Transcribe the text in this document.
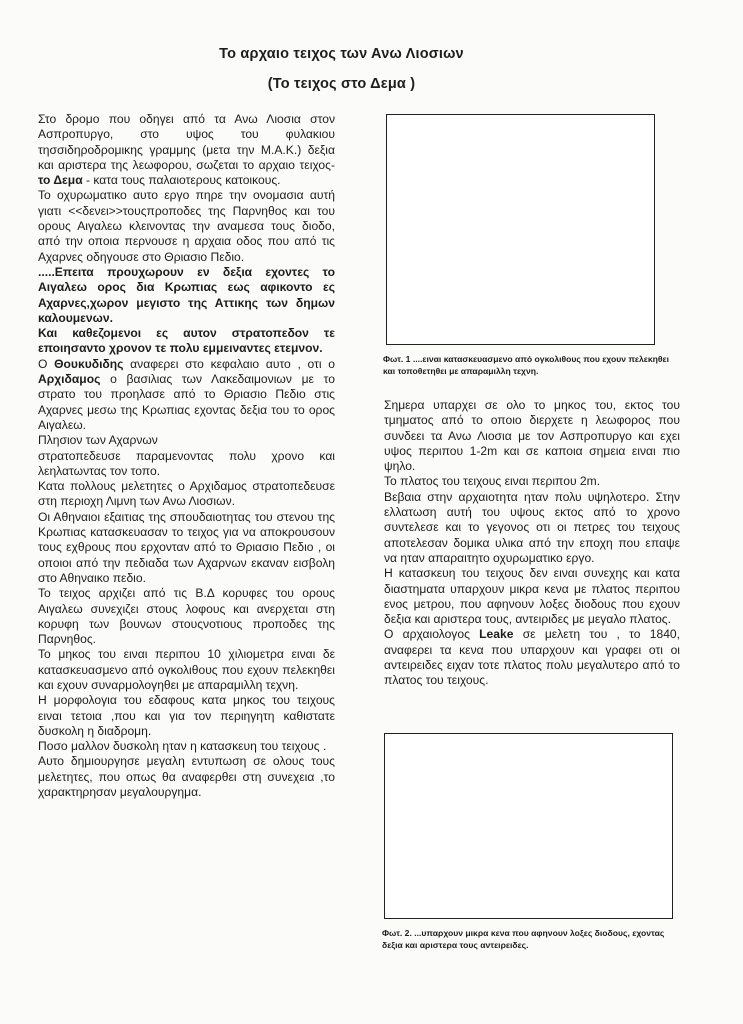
Το αρχαιο τειχος των Ανω Λιοσιων
(Το τειχος στο Δεμα )

Στο δρομο που οδηγει από τα Ανω Λιοσια στον Ασπροπυργο, στο υψος του φυλακιου τησσιδηροδρομικης γραμμης (μετα την Μ.Α.Κ.) δεξια και αριστερα της λεωφορου, σωζεται το αρχαιο τειχος- το Δεμα - κατα τους παλαιοτερους κατοικους.

Το οχυρωματικο αυτο εργο πηρε την ονομασια αυτή γιατι <<δενει>>τουςπροποδες της Παρνηθος και του ορους Αιγαλεω κλεινοντας την αναμεσα τους διοδο, από την οποια περνουσε η αρχαια οδος που από τις Αχαρνες οδηγουσε στο Θριασιο Πεδιο.

.....Επειτα προυχωρουν εν δεξια εχοντες το Αιγαλεω ορος δια Κρωπιας εως αφικοντο ες Αχαρνες,χωρον μεγιστο της Αττικης των δημων καλουμενων.

Και καθεζομενοι ες αυτον στρατοπεδον τε εποιησαντο χρονον τε πολυ εμμειναντες ετεμνον.

Ο Θουκυδιδης αναφερει στο κεφαλαιο αυτο , οτι ο Αρχιδαμος ο βασιλιας των Λακεδαιμονιων με το στρατο του προηλασε από το Θριασιο Πεδιο στις Αχαρνες μεσω της Κρωπιας εχοντας δεξια του το ορος Αιγαλεω.

Πλησιον των Αχαρνων

στρατοπεδευσε παραμενοντας πολυ χρονο και λεηλατωντας τον τοπο.

Κατα πολλους μελετητες ο Αρχιδαμος στρατοπεδευσε στη περιοχη Λιμνη των Ανω Λιοσιων.

Οι Αθηναιοι εξαιτιας της σπουδαιοτητας του στενου της Κρωπιας κατασκευασαν το τειχος για να αποκρουσουν τους εχθρους που ερχονταν από το Θριασιο Πεδιο , οι οποιοι από την πεδιαδα των Αχαρνων εκαναν εισβολη στο Αθηναικο πεδιο.

Το τειχος αρχιζει από τις Β.Δ κορυφες του ορους Αιγαλεω συνεχιζει στους λοφους και ανερχεται στη κορυφη των βουνων στουςνοτιους προποδες της Παρνηθος.

Το μηκος του ειναι περιπου 10 χιλιομετρα ειναι δε κατασκευασμενο από ογκολιθους που εχουν πελεκηθει και εχουν συναρμολογηθει με απαραμιλλη τεχνη.

Η μορφολογια του εδαφους κατα μηκος του τειχους ειναι τετοια ,που και για τον περιηγητη καθιστατε δυσκολη η διαδρομη.

Ποσο μαλλον δυσκολη ηταν η κατασκευη του τειχους .

Αυτο δημιουργησε μεγαλη εντυπωση σε ολους τους μελετητες, που οπως θα αναφερθει στη συνεχεια ,το χαρακτηρησαν μεγαλουργημα.

Φωτ. 1 ....ειναι κατασκευασμενο από ογκολιθους που εχουν πελεκηθει και τοποθετηθει με απαραμιλλη τεχνη.

Σημερα υπαρχει σε ολο το μηκος του, εκτος του τμηματος από το οποιο διερχετε η λεωφορος που συνδεει τα Ανω Λιοσια με τον Ασπροπυργο και εχει υψος περιπου 1-2m και σε καποια σημεια ειναι πιο ψηλο.

Το πλατος του τειχους ειναι περιπου 2m.

Βεβαια στην αρχαιοτητα ηταν πολυ υψηλοτερο. Στην ελλατωση αυτή του υψους εκτος από το χρονο συντελεσε και το γεγονος οτι οι πετρες του τειχους αποτελεσαν δομικα υλικα από την εποχη που επαψε να ηταν απαραιτητο οχυρωματικο εργο.

Η κατασκευη του τειχους δεν ειναι συνεχης και κατα διαστηματα υπαρχουν μικρα κενα με πλατος περιπου ενος μετρου, που αφηνουν λοξες διοδους που εχουν δεξια και αριστερα τους, αντειριδες με μεγαλο πλατος.

Ο αρχαιολογος Leake σε μελετη του , το 1840, αναφερει τα κενα που υπαρχουν και γραφει οτι οι αντειρειδες ειχαν τοτε πλατος πολυ μεγαλυτερο από το πλατος του τειχους.

Φωτ. 2. ...υπαρχουν μικρα κενα που αφηνουν λοξες διοδους, εχοντας δεξια και αριστερα τους αντειρειδες.
